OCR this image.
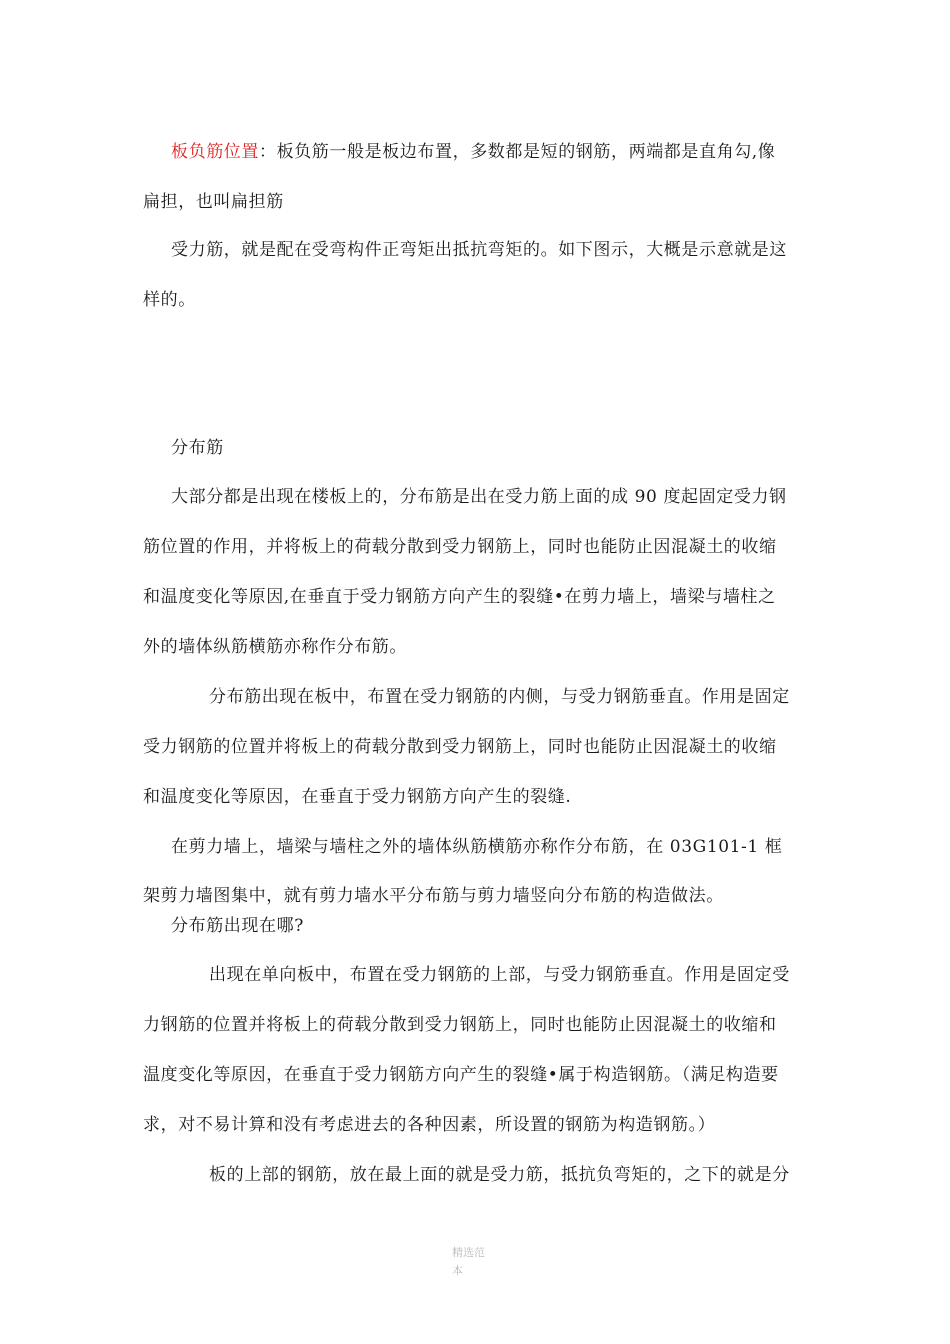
板负筋位置：板负筋一般是板边布置，多数都是短的钢筋，两端都是直角勾,像
扁担，也叫扁担筋
受力筋，就是配在受弯构件正弯矩出抵抗弯矩的。如下图示，大概是示意就是这
样的。
分布筋
大部分都是出现在楼板上的，分布筋是出在受力筋上面的成 90 度起固定受力钢
筋位置的作用，并将板上的荷载分散到受力钢筋上，同时也能防止因混凝土的收缩
和温度变化等原因,在垂直于受力钢筋方向产生的裂缝•在剪力墙上，墙梁与墙柱之
外的墙体纵筋横筋亦称作分布筋。
分布筋出现在板中，布置在受力钢筋的内侧，与受力钢筋垂直。作用是固定
受力钢筋的位置并将板上的荷载分散到受力钢筋上，同时也能防止因混凝土的收缩
和温度变化等原因，在垂直于受力钢筋方向产生的裂缝.
在剪力墙上，墙梁与墙柱之外的墙体纵筋横筋亦称作分布筋，在 03G101-1 框
架剪力墙图集中，就有剪力墙水平分布筋与剪力墙竖向分布筋的构造做法。
分布筋出现在哪?
出现在单向板中，布置在受力钢筋的上部，与受力钢筋垂直。作用是固定受
力钢筋的位置并将板上的荷载分散到受力钢筋上，同时也能防止因混凝土的收缩和
温度变化等原因，在垂直于受力钢筋方向产生的裂缝•属于构造钢筋。（满足构造要
求，对不易计算和没有考虑进去的各种因素，所设置的钢筋为构造钢筋。）
板的上部的钢筋，放在最上面的就是受力筋，抵抗负弯矩的，之下的就是分
精选范
本
